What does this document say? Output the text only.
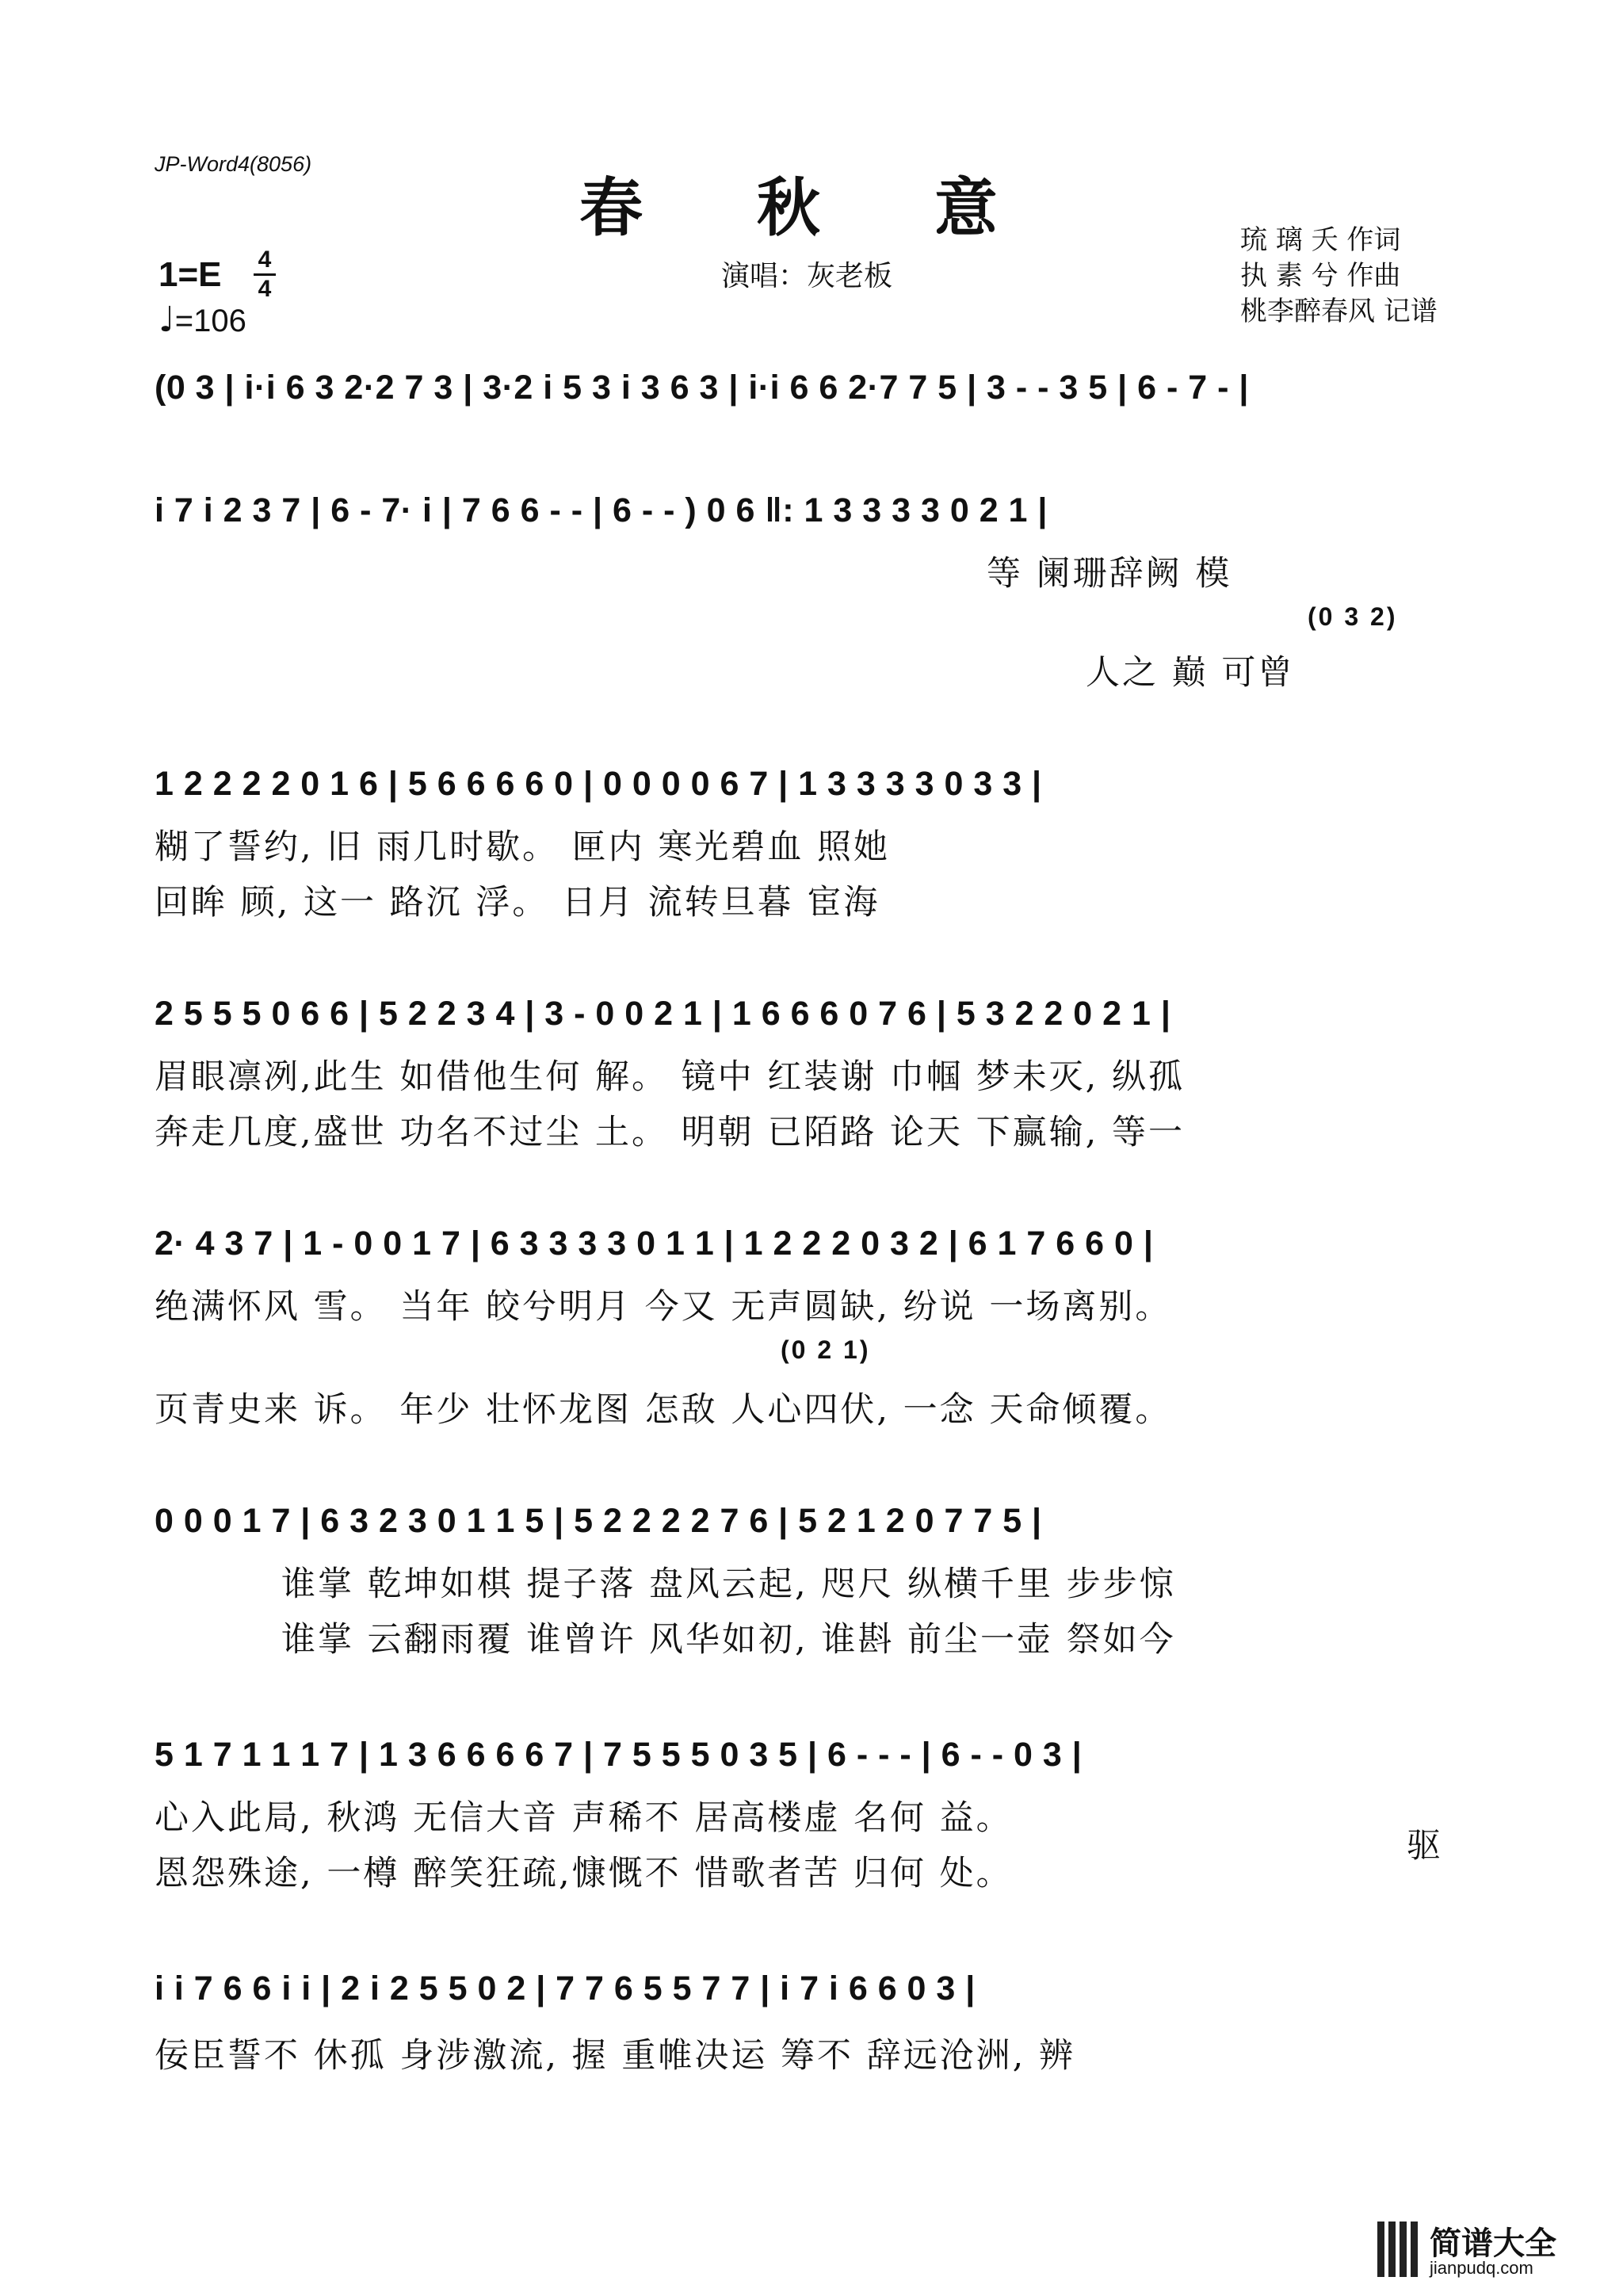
JP-Word4(8056)
春 秋 意
1=E 4
4
♩=106
演唱：灰老板
琉 璃 夭 作词
执 素 兮 作曲
桃李醉春风 记谱
(0 3 | i·i 6 3 2·2 7 3 | 3·2 i 5 3 i 3 6 3 | i·i 6 6 2·7 7 5 | 3 - - 3 5 | 6 - 7 - |
i 7 i 2 3 7 | 6 - 7· i | 7 6 6 - - | 6 - - ) 0 6 ‖: 1 3 3 3 3 0 2 1 |
等 阑珊辞阙 模
(0 3 2)
人之 巅 可曾
1 2 2 2 2 0 1 6 | 5 6 6 6 6 0 | 0 0 0 0 6 7 | 1 3 3 3 3 0 3 3 |
糊了誓约, 旧 雨几时歇。 匣内 寒光碧血 照她
回眸 顾, 这一 路沉 浮。 日月 流转旦暮 宦海
2 5 5 5 0 6 6 | 5 2 2 3 4 | 3 - 0 0 2 1 | 1 6 6 6 0 7 6 | 5 3 2 2 0 2 1 |
眉眼凛冽,此生 如借他生何 解。 镜中 红装谢 巾帼 梦未灭, 纵孤
奔走几度,盛世 功名不过尘 土。 明朝 已陌路 论天 下赢输, 等一
2· 4 3 7 | 1 - 0 0 1 7 | 6 3 3 3 3 0 1 1 | 1 2 2 2 0 3 2 | 6 1 7 6 6 0 |
绝满怀风 雪。 当年 皎兮明月 今又 无声圆缺, 纷说 一场离别。
(0 2 1)
页青史来 诉。 年少 壮怀龙图 怎敌 人心四伏, 一念 天命倾覆。
0 0 0 1 7 | 6 3 2 3 0 1 1 5 | 5 2 2 2 2 7 6 | 5 2 1 2 0 7 7 5 |
谁掌 乾坤如棋 提子落 盘风云起, 咫尺 纵横千里 步步惊
谁掌 云翻雨覆 谁曾许 风华如初, 谁斟 前尘一壶 祭如今
5 1 7 1 1 1 7 | 1 3 6 6 6 6 7 | 7 5 5 5 0 3 5 | 6 - - - | 6 - - 0 3 |
心入此局, 秋鸿 无信大音 声稀不 居高楼虚 名何 益。
恩怨殊途, 一樽 醉笑狂疏,慷慨不 惜歌者苦 归何 处。
驱
i i 7 6 6 i i | 2 i 2 5 5 0 2 | 7 7 6 5 5 7 7 | i 7 i 6 6 0 3 |
佞臣誓不 休孤 身涉激流, 握 重帷决运 筹不 辞远沧洲, 辨
简谱大全
jianpudq.com
